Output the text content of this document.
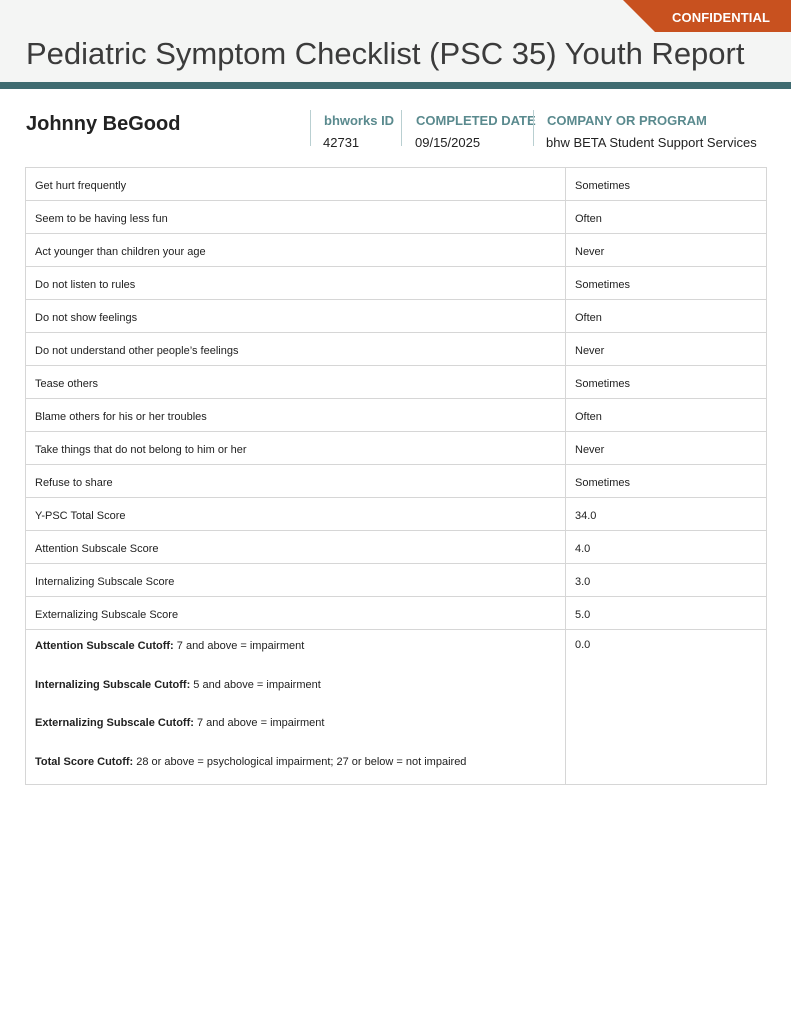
CONFIDENTIAL
Pediatric Symptom Checklist (PSC 35) Youth Report
Johnny BeGood	bhworks ID
42731
COMPLETED DATE
09/15/2025
COMPANY OR PROGRAM
bhw BETA Student Support Services
Get hurt frequently	Sometimes
Seem to be having less fun	Often
Act younger than children your age	Never
Do not listen to rules	Sometimes
Do not show feelings	Often
Do not understand other people’s feelings	Never
Tease others	Sometimes
Blame others for his or her troubles	Often
Take things that do not belong to him or her	Never
Refuse to share	Sometimes
Y-PSC Total Score	34.0
Attention Subscale Score	4.0
Internalizing Subscale Score	3.0
Externalizing Subscale Score	5.0

Attention Subscale Cutoff: 7 and above = impairment
Internalizing Subscale Cutoff: 5 and above = impairment
Externalizing Subscale Cutoff: 7 and above = impairment
Total Score Cutoff: 28 or above = psychological impairment; 27 or below = not impaired	0.0
